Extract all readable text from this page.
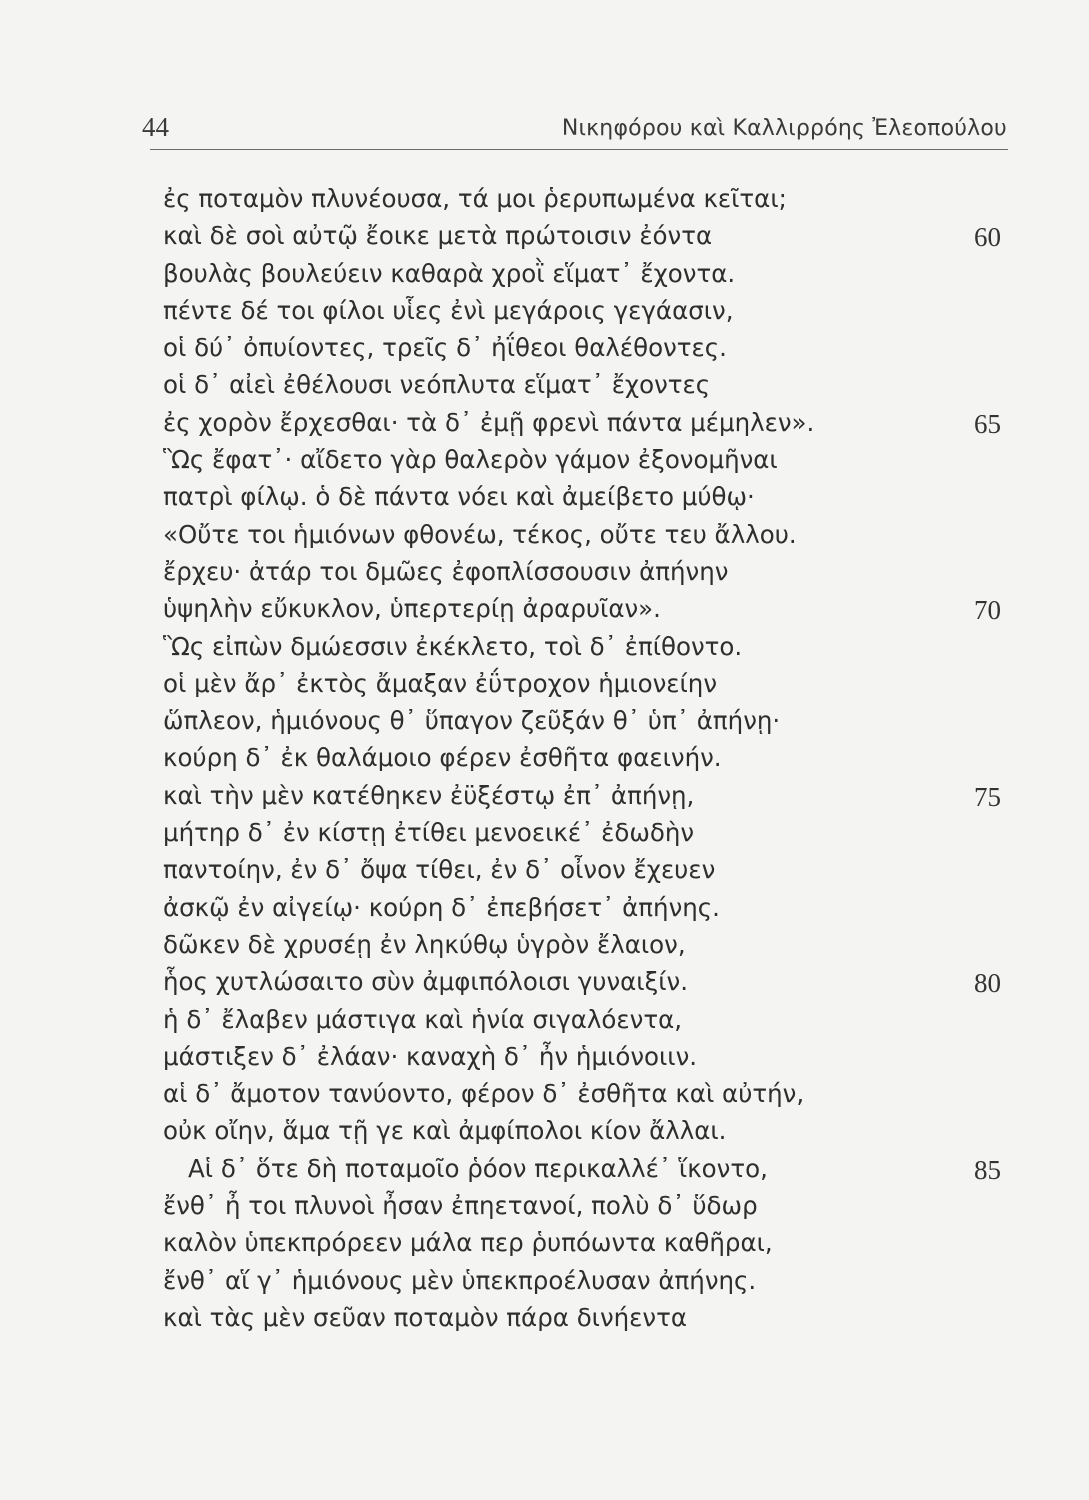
44	Νικηφόρου καὶ Καλλιρρόης Ἐλεοπούλου
ἐς ποταμὸν πλυνέουσα, τά μοι ῥερυπωμένα κεῖται;
καὶ δὲ σοὶ αὐτῷ ἔοικε μετὰ πρώτοισιν ἐόντα	60
βουλὰς βουλεύειν καθαρὰ χροῒ εἵματ᾽ ἔχοντα.
πέντε δέ τοι φίλοι υἷες ἐνὶ μεγάροις γεγάασιν,
οἱ δύ᾽ ὀπυίοντες, τρεῖς δ᾽ ἠΐθεοι θαλέθοντες.
οἱ δ᾽ αἰεὶ ἐθέλουσι νεόπλυτα εἵματ᾽ ἔχοντες
ἐς χορὸν ἔρχεσθαι· τὰ δ᾽ ἐμῇ φρενὶ πάντα μέμηλεν».	65
Ὣς ἔφατ᾽· αἴδετο γὰρ θαλερὸν γάμον ἐξονομῆναι
πατρὶ φίλῳ. ὁ δὲ πάντα νόει καὶ ἀμείβετο μύθῳ·
«Οὔτε τοι ἡμιόνων φθονέω, τέκος, οὔτε τευ ἄλλου.
ἔρχευ· ἀτάρ τοι δμῶες ἐφοπλίσσουσιν ἀπήνην
ὑψηλὴν εὔκυκλον, ὑπερτερίῃ ἀραρυῖαν».	70
Ὣς εἰπὼν δμώεσσιν ἐκέκλετο, τοὶ δ᾽ ἐπίθοντο.
οἱ μὲν ἄρ᾽ ἐκτὸς ἄμαξαν ἐΰτροχον ἡμιονείην
ὥπλεον, ἡμιόνους θ᾽ ὕπαγον ζεῦξάν θ᾽ ὑπ᾽ ἀπήνῃ·
κούρη δ᾽ ἐκ θαλάμοιο φέρεν ἐσθῆτα φαεινήν.
καὶ τὴν μὲν κατέθηκεν ἐϋξέστῳ ἐπ᾽ ἀπήνῃ,	75
μήτηρ δ᾽ ἐν κίστῃ ἐτίθει μενοεικέ᾽ ἐδωδὴν
παντοίην, ἐν δ᾽ ὄψα τίθει, ἐν δ᾽ οἶνον ἔχευεν
ἀσκῷ ἐν αἰγείῳ· κούρη δ᾽ ἐπεβήσετ᾽ ἀπήνης.
δῶκεν δὲ χρυσέῃ ἐν ληκύθῳ ὑγρὸν ἔλαιον,
ἧος χυτλώσαιτο σὺν ἀμφιπόλοισι γυναιξίν.	80
ἡ δ᾽ ἔλαβεν μάστιγα καὶ ἡνία σιγαλόεντα,
μάστιξεν δ᾽ ἐλάαν· καναχὴ δ᾽ ἦν ἡμιόνοιιν.
αἱ δ᾽ ἄμοτον τανύοντο, φέρον δ᾽ ἐσθῆτα καὶ αὐτήν,
οὐκ οἴην, ἅμα τῇ γε καὶ ἀμφίπολοι κίον ἄλλαι.
Αἱ δ᾽ ὅτε δὴ ποταμοῖο ῥόον περικαλλέ᾽ ἵκοντο,	85
ἔνθ᾽ ἦ τοι πλυνοὶ ἦσαν ἐπηετανοί, πολὺ δ᾽ ὕδωρ
καλὸν ὑπεκπρόρεεν μάλα περ ῥυπόωντα καθῆραι,
ἔνθ᾽ αἵ γ᾽ ἡμιόνους μὲν ὑπεκπροέλυσαν ἀπήνης.
καὶ τὰς μὲν σεῦαν ποταμὸν πάρα δινήεντα
